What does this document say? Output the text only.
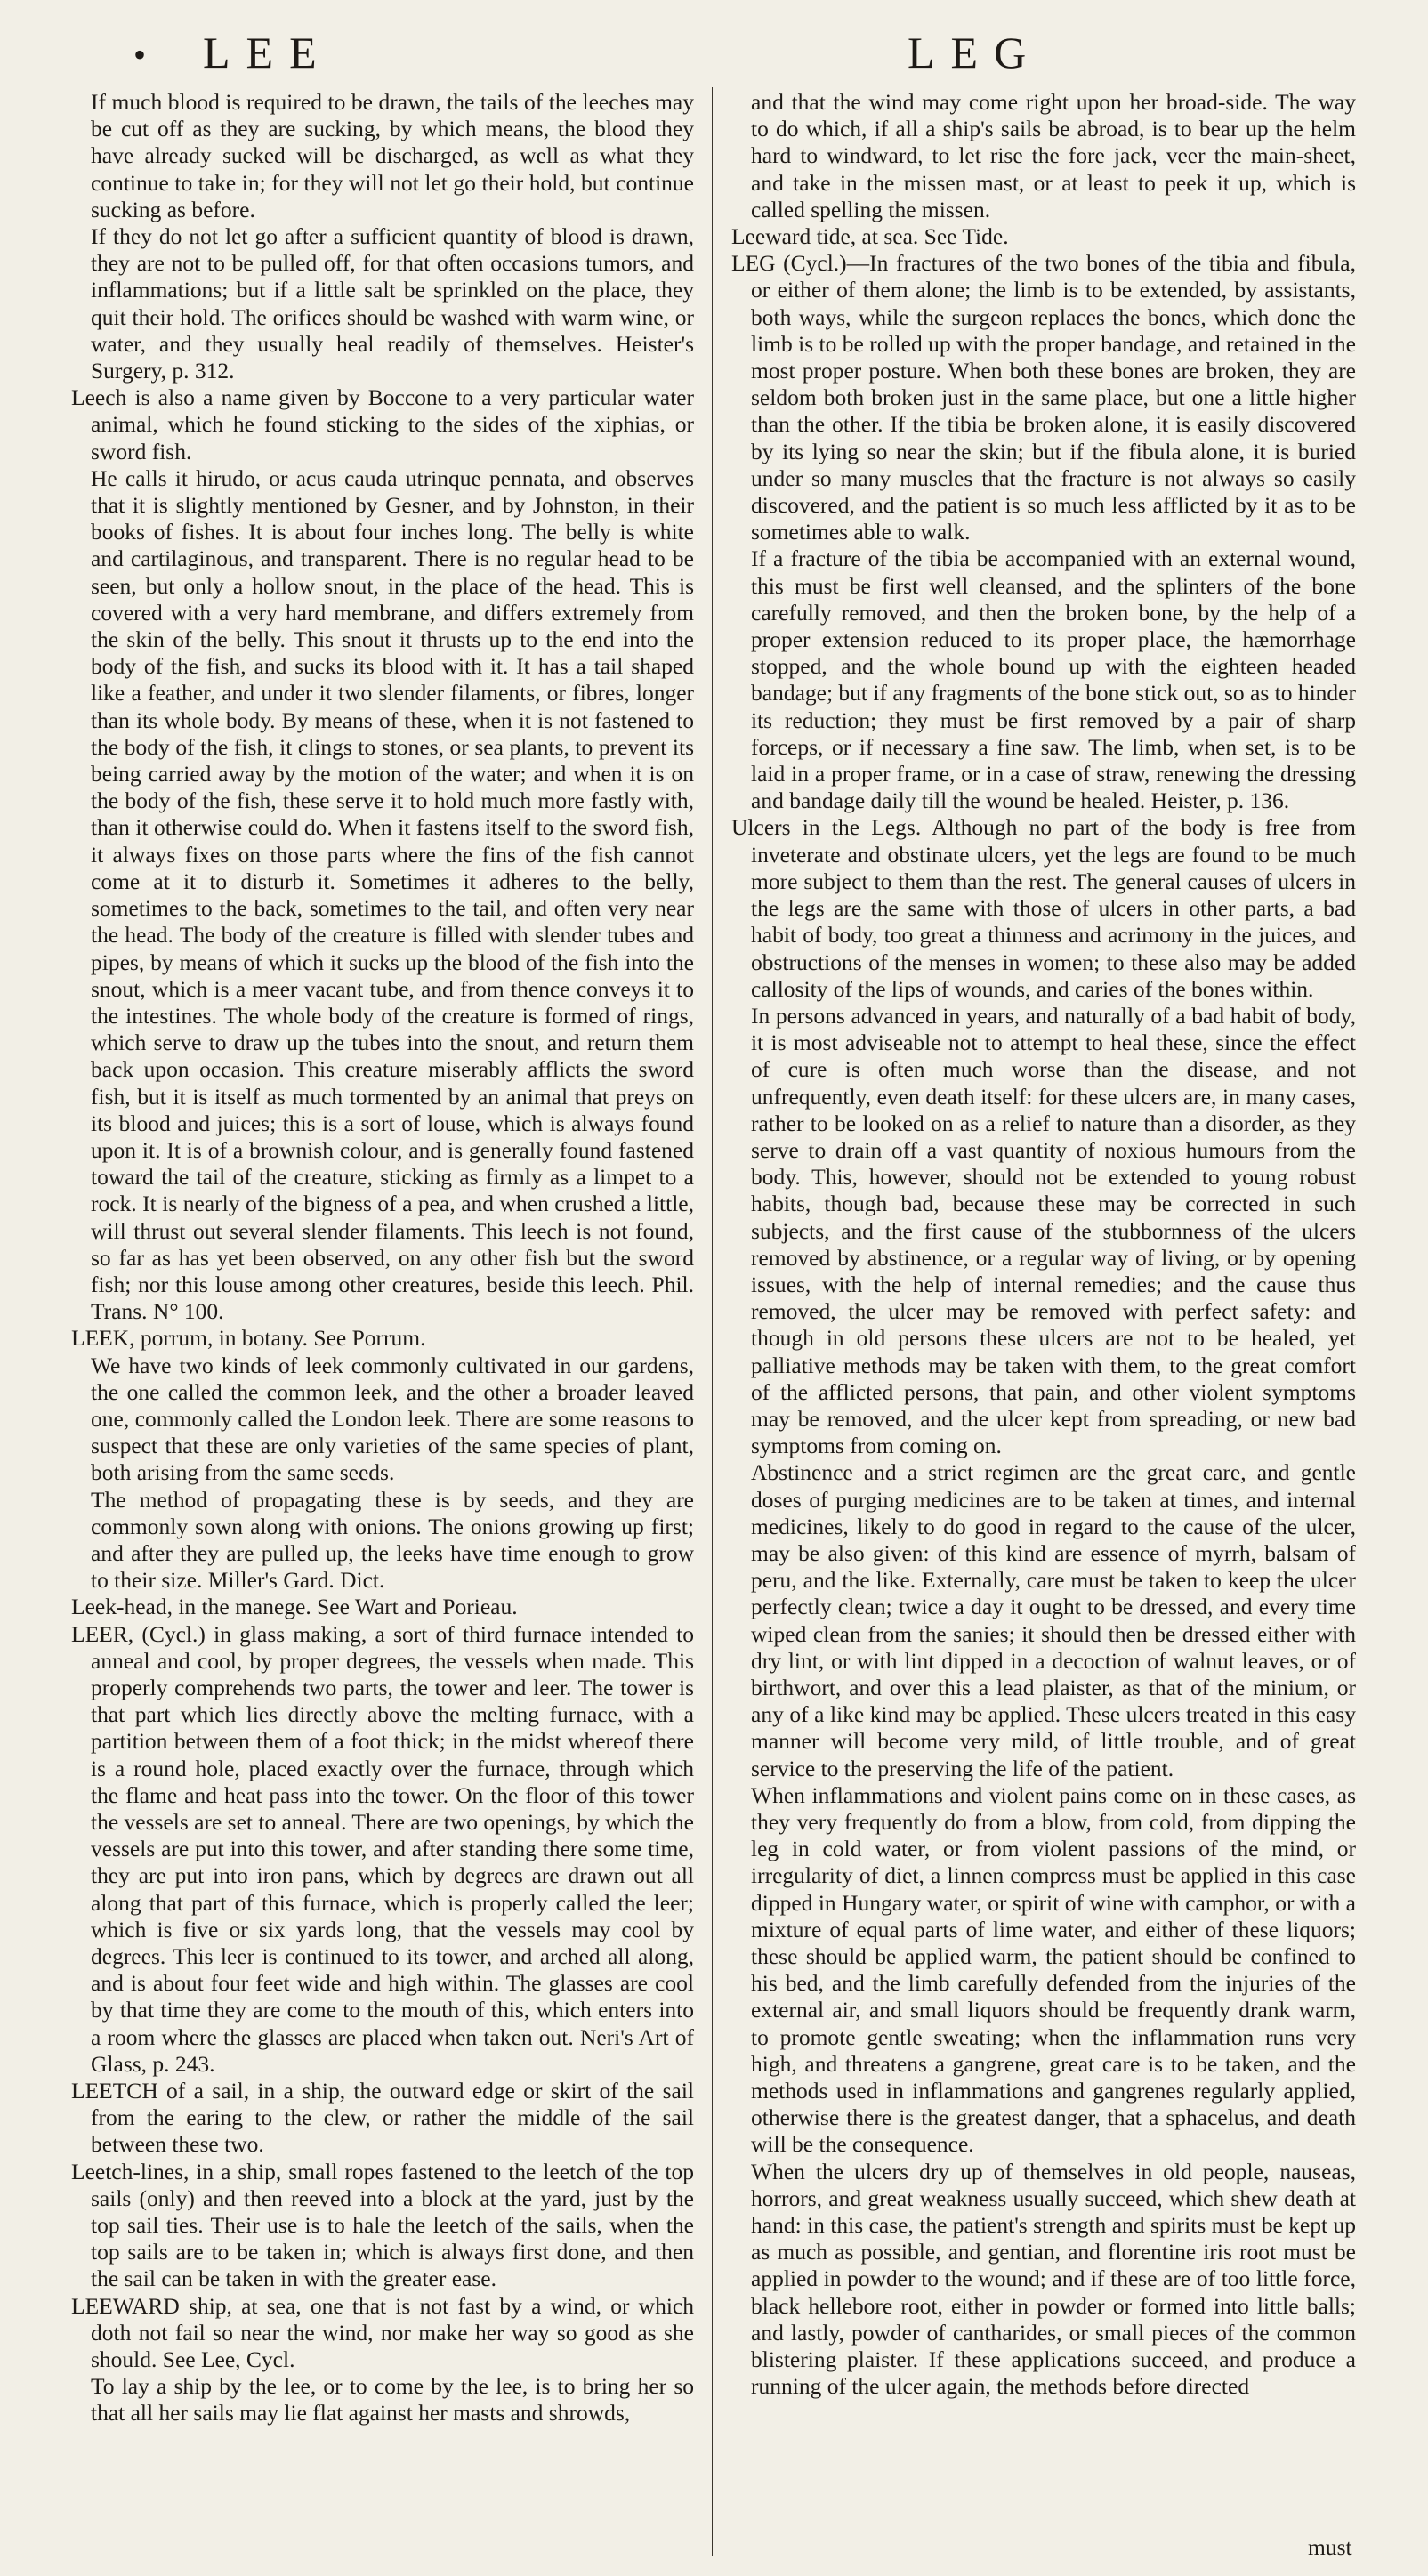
• LEE	LEG

If much blood is required to be drawn, the tails of the leeches may be cut off as they are sucking, by which means, the blood they have already sucked will be discharged, as well as what they continue to take in; for they will not let go their hold, but continue sucking as before.

If they do not let go after a sufficient quantity of blood is drawn, they are not to be pulled off, for that often occasions tumors, and inflammations; but if a little salt be sprinkled on the place, they quit their hold. The orifices should be washed with warm wine, or water, and they usually heal readily of themselves. Heister's Surgery, p. 312.

Leech is also a name given by Boccone to a very particular water animal, which he found sticking to the sides of the xiphias, or sword fish.

He calls it hirudo, or acus cauda utrinque pennata, and observes that it is slightly mentioned by Gesner, and by Johnston, in their books of fishes. It is about four inches long. The belly is white and cartilaginous, and transparent. There is no regular head to be seen, but only a hollow snout, in the place of the head. This is covered with a very hard membrane, and differs extremely from the skin of the belly. This snout it thrusts up to the end into the body of the fish, and sucks its blood with it. It has a tail shaped like a feather, and under it two slender filaments, or fibres, longer than its whole body. By means of these, when it is not fastened to the body of the fish, it clings to stones, or sea plants, to prevent its being carried away by the motion of the water; and when it is on the body of the fish, these serve it to hold much more fastly with, than it otherwise could do. When it fastens itself to the sword fish, it always fixes on those parts where the fins of the fish cannot come at it to disturb it. Sometimes it adheres to the belly, sometimes to the back, sometimes to the tail, and often very near the head. The body of the creature is filled with slender tubes and pipes, by means of which it sucks up the blood of the fish into the snout, which is a meer vacant tube, and from thence conveys it to the intestines. The whole body of the creature is formed of rings, which serve to draw up the tubes into the snout, and return them back upon occasion. This creature miserably afflicts the sword fish, but it is itself as much tormented by an animal that preys on its blood and juices; this is a sort of louse, which is always found upon it. It is of a brownish colour, and is generally found fastened toward the tail of the creature, sticking as firmly as a limpet to a rock. It is nearly of the bigness of a pea, and when crushed a little, will thrust out several slender filaments. This leech is not found, so far as has yet been observed, on any other fish but the sword fish; nor this louse among other creatures, beside this leech. Phil. Trans. N° 100.

LEEK, porrum, in botany. See Porrum.

We have two kinds of leek commonly cultivated in our gardens, the one called the common leek, and the other a broader leaved one, commonly called the London leek. There are some reasons to suspect that these are only varieties of the same species of plant, both arising from the same seeds.

The method of propagating these is by seeds, and they are commonly sown along with onions. The onions growing up first; and after they are pulled up, the leeks have time enough to grow to their size. Miller's Gard. Dict.

Leek-head, in the manege. See Wart and Porieau.

LEER, (Cycl.) in glass making, a sort of third furnace intended to anneal and cool, by proper degrees, the vessels when made. This properly comprehends two parts, the tower and leer. The tower is that part which lies directly above the melting furnace, with a partition between them of a foot thick; in the midst whereof there is a round hole, placed exactly over the furnace, through which the flame and heat pass into the tower. On the floor of this tower the vessels are set to anneal. There are two openings, by which the vessels are put into this tower, and after standing there some time, they are put into iron pans, which by degrees are drawn out all along that part of this furnace, which is properly called the leer; which is five or six yards long, that the vessels may cool by degrees. This leer is continued to its tower, and arched all along, and is about four feet wide and high within. The glasses are cool by that time they are come to the mouth of this, which enters into a room where the glasses are placed when taken out. Neri's Art of Glass, p. 243.

LEETCH of a sail, in a ship, the outward edge or skirt of the sail from the earing to the clew, or rather the middle of the sail between these two.

Leetch-lines, in a ship, small ropes fastened to the leetch of the top sails (only) and then reeved into a block at the yard, just by the top sail ties. Their use is to hale the leetch of the sails, when the top sails are to be taken in; which is always first done, and then the sail can be taken in with the greater ease.

LEEWARD ship, at sea, one that is not fast by a wind, or which doth not fail so near the wind, nor make her way so good as she should. See Lee, Cycl.

To lay a ship by the lee, or to come by the lee, is to bring her so that all her sails may lie flat against her masts and shrowds,

and that the wind may come right upon her broad-side. The way to do which, if all a ship's sails be abroad, is to bear up the helm hard to windward, to let rise the fore jack, veer the main-sheet, and take in the missen mast, or at least to peek it up, which is called spelling the missen.

Leeward tide, at sea. See Tide.

LEG (Cycl.)—In fractures of the two bones of the tibia and fibula, or either of them alone; the limb is to be extended, by assistants, both ways, while the surgeon replaces the bones, which done the limb is to be rolled up with the proper bandage, and retained in the most proper posture. When both these bones are broken, they are seldom both broken just in the same place, but one a little higher than the other. If the tibia be broken alone, it is easily discovered by its lying so near the skin; but if the fibula alone, it is buried under so many muscles that the fracture is not always so easily discovered, and the patient is so much less afflicted by it as to be sometimes able to walk.

If a fracture of the tibia be accompanied with an external wound, this must be first well cleansed, and the splinters of the bone carefully removed, and then the broken bone, by the help of a proper extension reduced to its proper place, the hæmorrhage stopped, and the whole bound up with the eighteen headed bandage; but if any fragments of the bone stick out, so as to hinder its reduction; they must be first removed by a pair of sharp forceps, or if necessary a fine saw. The limb, when set, is to be laid in a proper frame, or in a case of straw, renewing the dressing and bandage daily till the wound be healed. Heister, p. 136.

Ulcers in the Legs. Although no part of the body is free from inveterate and obstinate ulcers, yet the legs are found to be much more subject to them than the rest. The general causes of ulcers in the legs are the same with those of ulcers in other parts, a bad habit of body, too great a thinness and acrimony in the juices, and obstructions of the menses in women; to these also may be added callosity of the lips of wounds, and caries of the bones within.

In persons advanced in years, and naturally of a bad habit of body, it is most adviseable not to attempt to heal these, since the effect of cure is often much worse than the disease, and not unfrequently, even death itself: for these ulcers are, in many cases, rather to be looked on as a relief to nature than a disorder, as they serve to drain off a vast quantity of noxious humours from the body. This, however, should not be extended to young robust habits, though bad, because these may be corrected in such subjects, and the first cause of the stubbornness of the ulcers removed by abstinence, or a regular way of living, or by opening issues, with the help of internal remedies; and the cause thus removed, the ulcer may be removed with perfect safety: and though in old persons these ulcers are not to be healed, yet palliative methods may be taken with them, to the great comfort of the afflicted persons, that pain, and other violent symptoms may be removed, and the ulcer kept from spreading, or new bad symptoms from coming on.

Abstinence and a strict regimen are the great care, and gentle doses of purging medicines are to be taken at times, and internal medicines, likely to do good in regard to the cause of the ulcer, may be also given: of this kind are essence of myrrh, balsam of peru, and the like. Externally, care must be taken to keep the ulcer perfectly clean; twice a day it ought to be dressed, and every time wiped clean from the sanies; it should then be dressed either with dry lint, or with lint dipped in a decoction of walnut leaves, or of birthwort, and over this a lead plaister, as that of the minium, or any of a like kind may be applied. These ulcers treated in this easy manner will become very mild, of little trouble, and of great service to the preserving the life of the patient.

When inflammations and violent pains come on in these cases, as they very frequently do from a blow, from cold, from dipping the leg in cold water, or from violent passions of the mind, or irregularity of diet, a linnen compress must be applied in this case dipped in Hungary water, or spirit of wine with camphor, or with a mixture of equal parts of lime water, and either of these liquors; these should be applied warm, the patient should be confined to his bed, and the limb carefully defended from the injuries of the external air, and small liquors should be frequently drank warm, to promote gentle sweating; when the inflammation runs very high, and threatens a gangrene, great care is to be taken, and the methods used in inflammations and gangrenes regularly applied, otherwise there is the greatest danger, that a sphacelus, and death will be the consequence.

When the ulcers dry up of themselves in old people, nauseas, horrors, and great weakness usually succeed, which shew death at hand: in this case, the patient's strength and spirits must be kept up as much as possible, and gentian, and florentine iris root must be applied in powder to the wound; and if these are of too little force, black hellebore root, either in powder or formed into little balls; and lastly, powder of cantharides, or small pieces of the common blistering plaister. If these applications succeed, and produce a running of the ulcer again, the methods before directed

must
